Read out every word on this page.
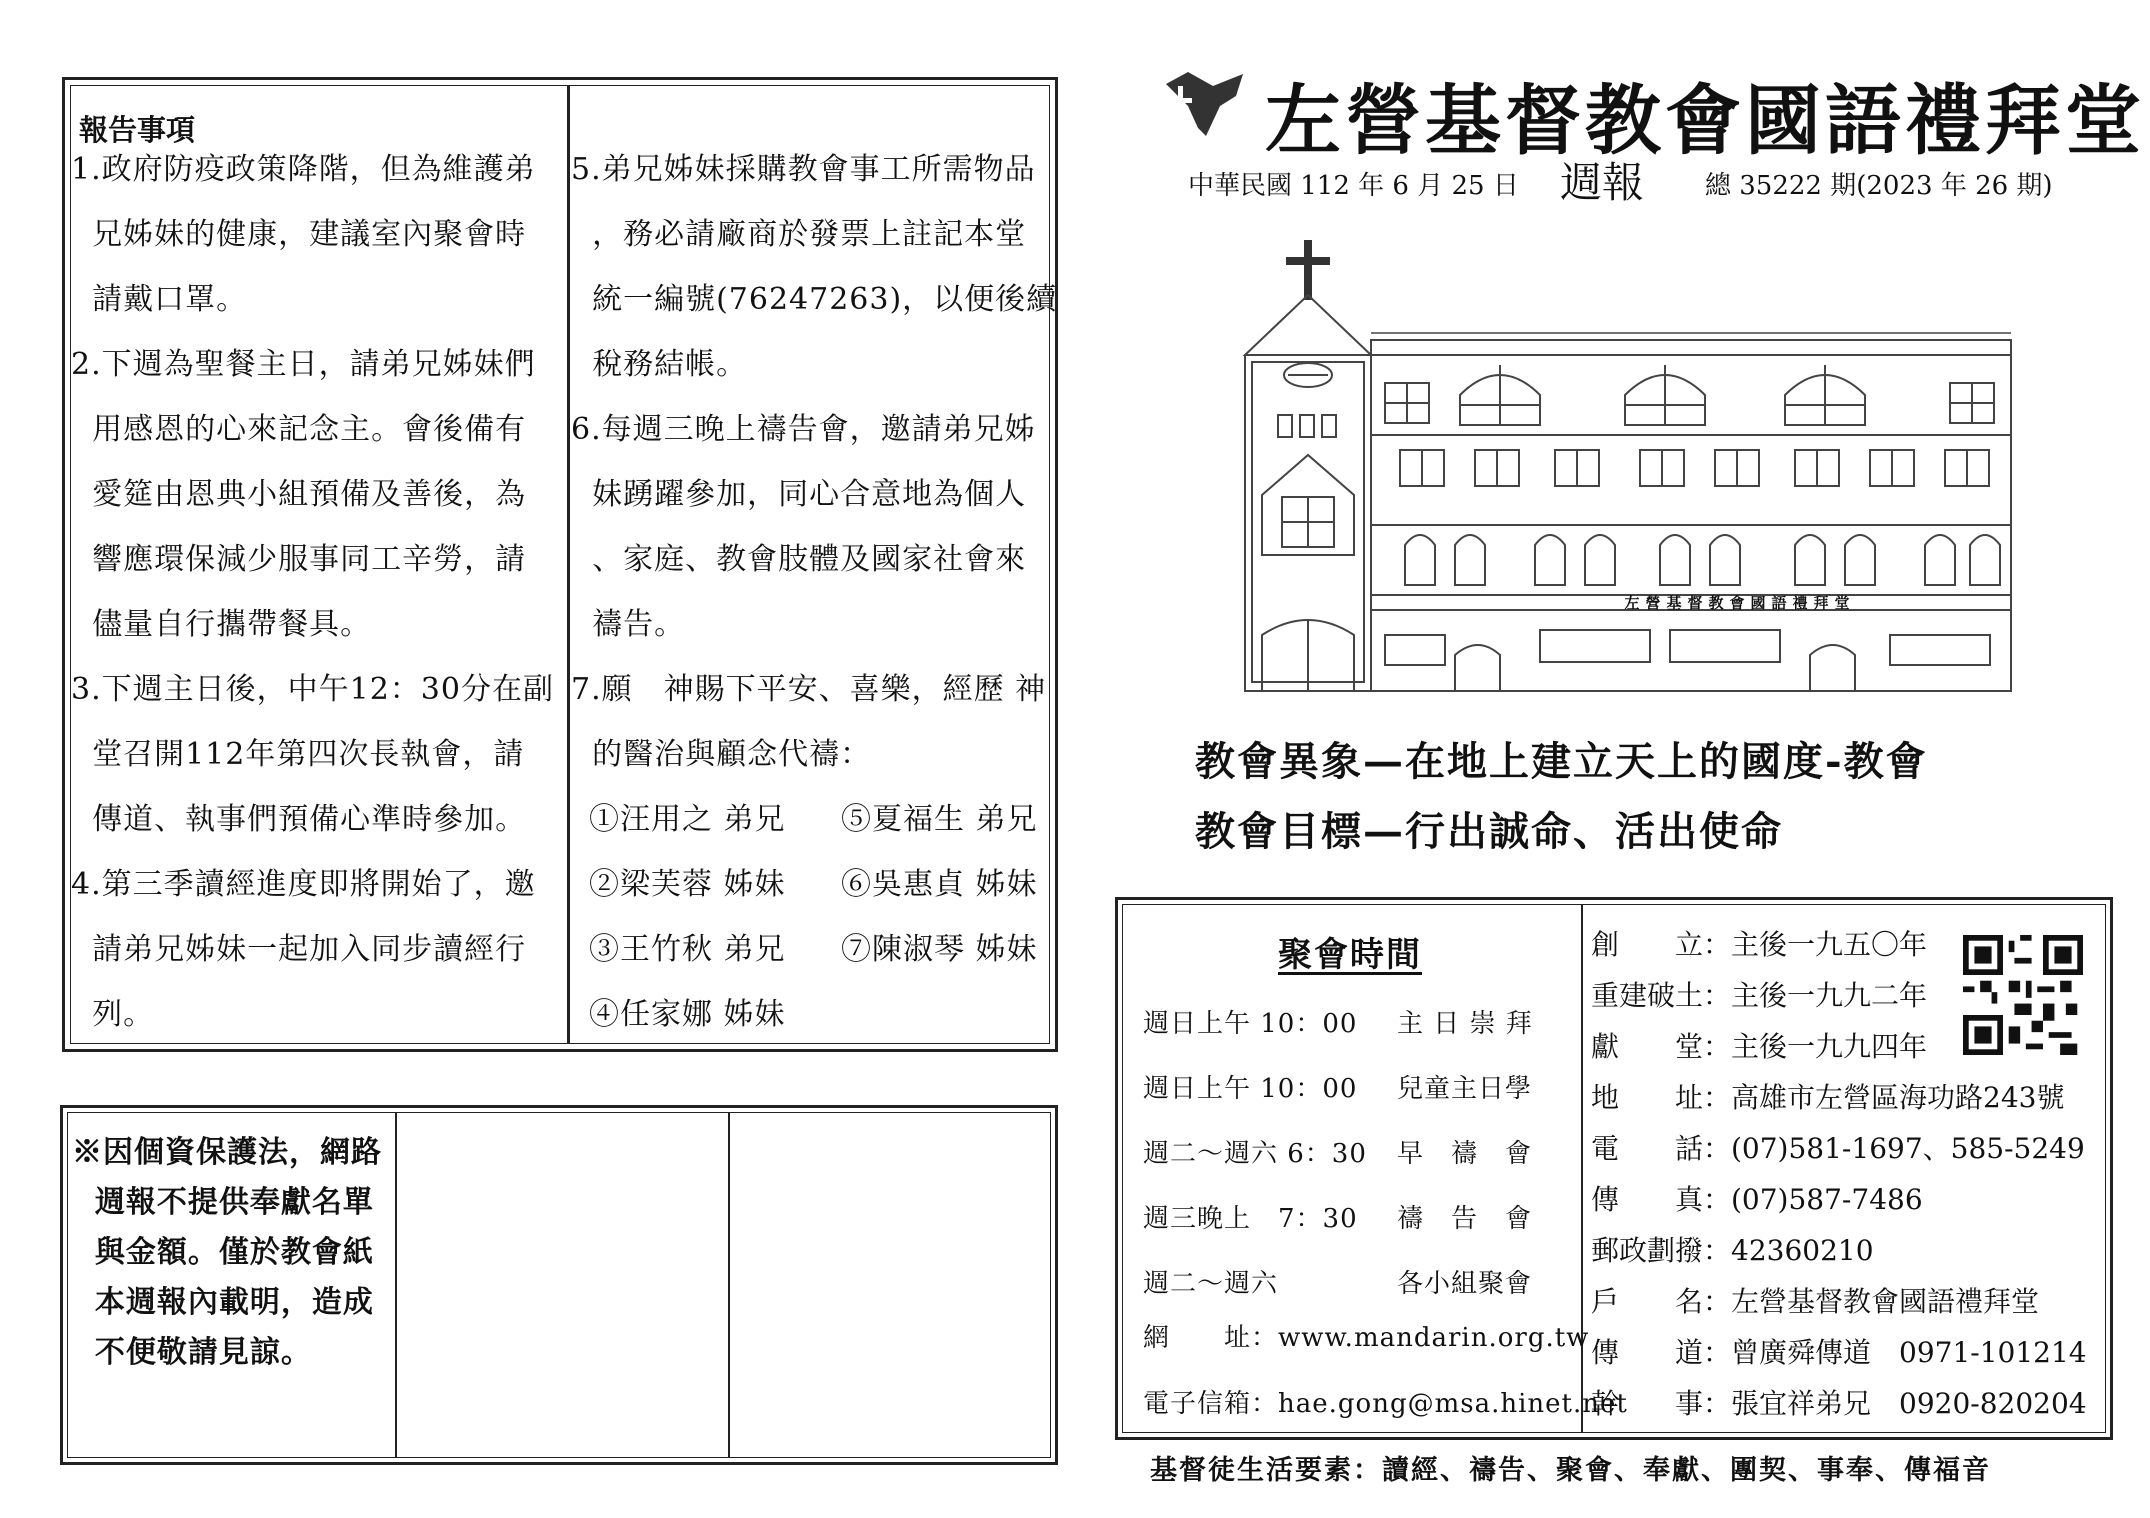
報告事項
1.政府防疫政策降階，但為維護弟
兄姊妹的健康，建議室內聚會時
請戴口罩。
2.下週為聖餐主日，請弟兄姊妹們
用感恩的心來記念主。會後備有
愛筵由恩典小組預備及善後，為
響應環保減少服事同工辛勞，請
儘量自行攜帶餐具。
3.下週主日後，中午12：30分在副
堂召開112年第四次長執會，請
傳道、執事們預備心準時參加。
4.第三季讀經進度即將開始了，邀
請弟兄姊妹一起加入同步讀經行
列。
5.弟兄姊妹採購教會事工所需物品
，務必請廠商於發票上註記本堂
統一編號(76247263)，以便後續
稅務結帳。
6.每週三晚上禱告會，邀請弟兄姊
妹踴躍參加，同心合意地為個人
、家庭、教會肢體及國家社會來
禱告。
7.願　神賜下平安、喜樂，經歷 神
的醫治與顧念代禱：
①汪用之 弟兄 ⑤夏福生 弟兄
②梁芙蓉 姊妹 ⑥吳惠貞 姊妹
③王竹秋 弟兄 ⑦陳淑琴 姊妹
④任家娜 姊妹
※因個資保護法，網路
週報不提供奉獻名單
與金額。僅於教會紙
本週報內載明，造成
不便敬請見諒。
左營基督教會國語禮拜堂
中華民國 112 年 6 月 25 日 週報 總 35222 期(2023 年 26 期)
左營基督教會國語禮拜堂
教會異象—在地上建立天上的國度-教會
教會目標—行出誠命、活出使命
聚會時間
週日上午 10：00 主 日 崇 拜
週日上午 10：00 兒童主日學
週二～週六 6：30 早　禱　會
週三晚上　7：30 禱　告　會
週二～週六	各小組聚會
網　　址：www.mandarin.org.tw
電子信箱：hae.gong@msa.hinet.net
創　　立：主後一九五〇年
重建破土：主後一九九二年
獻　　堂：主後一九九四年
地　　址：高雄市左營區海功路243號
電　　話：(07)581-1697、585-5249
傳　　真：(07)587-7486
郵政劃撥：42360210
戶　　名：左營基督教會國語禮拜堂
傳　　道：曾廣舜傳道　0971-101214
幹　　事：張宜祥弟兄　0920-820204
基督徒生活要素：讀經、禱告、聚會、奉獻、團契、事奉、傳福音
